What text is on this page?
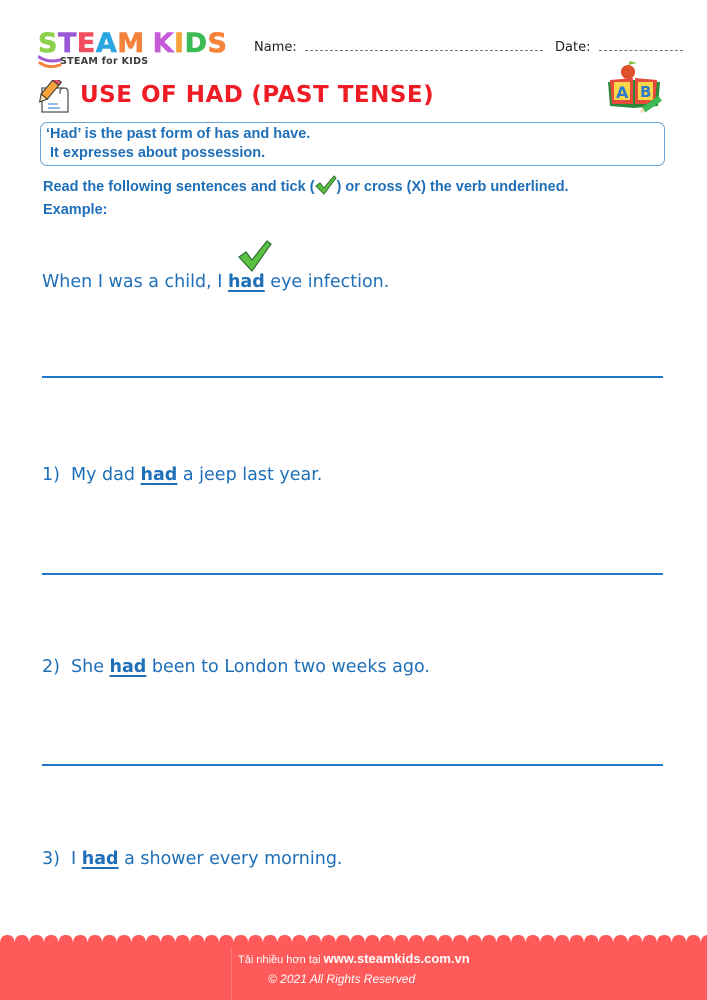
STEAM KIDS
STEAM for KIDS
Name:	Date:
USE OF HAD (PAST TENSE)	A B
‘Had’ is the past form of has and have.
It expresses about possession.
Read the following sentences and tick ( ) or cross (X) the verb underlined.
Example:
When I was a child, I had eye infection.
1) My dad had a jeep last year.
2) She had been to London two weeks ago.
3) I had a shower every morning.
Tải nhiều hơn tại www.steamkids.com.vn
© 2021 All Rights Reserved
